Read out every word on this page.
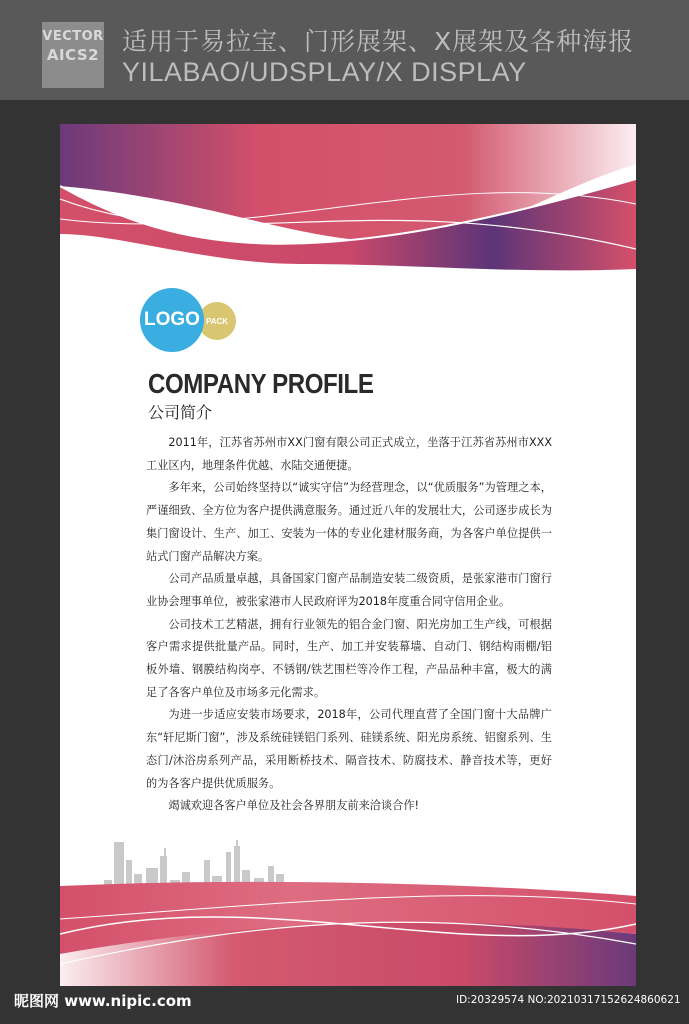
VECTOR
AICS2 适用于易拉宝、门形展架、X展架及各种海报
YILABAO/UDSPLAY/X DISPLAY
LOGO PACK
COMPANY PROFILE
公司简介

2011年，江苏省苏州市XX门窗有限公司正式成立，坐落于江苏省苏州市XXX工业区内，地理条件优越、水陆交通便捷。

多年来，公司始终坚持以“诚实守信”为经营理念，以“优质服务”为管理之本，严谨细致、全方位为客户提供满意服务。通过近八年的发展壮大，公司逐步成长为集门窗设计、生产、加工、安装为一体的专业化建材服务商，为各客户单位提供一站式门窗产品解决方案。

公司产品质量卓越，具备国家门窗产品制造安装二级资质，是张家港市门窗行业协会理事单位，被张家港市人民政府评为2018年度重合同守信用企业。

公司技术工艺精湛，拥有行业领先的铝合金门窗、阳光房加工生产线，可根据客户需求提供批量产品。同时，生产、加工并安装幕墙、自动门、钢结构雨棚/铝板外墙、钢膜结构岗亭、不锈钢/铁艺围栏等冷作工程，产品品种丰富，极大的满足了各客户单位及市场多元化需求。

为进一步适应安装市场要求，2018年，公司代理直营了全国门窗十大品牌广东“轩尼斯门窗”，涉及系统硅镁铝门系列、硅镁系统、阳光房系统、铝窗系列、生态门/沐浴房系列产品，采用断桥技术、隔音技术、防腐技术、静音技术等，更好的为各客户提供优质服务。

竭诚欢迎各客户单位及社会各界朋友前来洽谈合作!

昵图网 www.nipic.com	ID:20329574 NO:20210317152624860621
